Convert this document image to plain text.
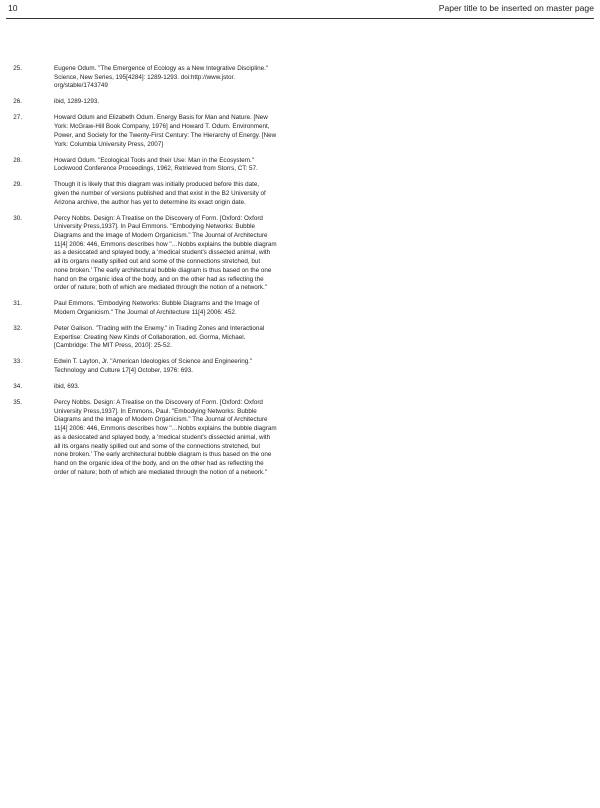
10	Paper title to be inserted on master page
25.	Eugene Odum. "The Emergence of Ecology as a New Integrative Discipline."
Science, New Series, 195[4284]: 1289-1293. doi:http://www.jstor.
org/stable/1743749
26.	ibid, 1289-1293.
27.	Howard Odum and Elizabeth Odum. Energy Basis for Man and Nature. [New
York: McGraw-Hill Book Company, 1976] and Howard T. Odum. Environment,
Power, and Society for the Twenty-First Century: The Hierarchy of Energy. [New
York: Columbia University Press, 2007]
28.	Howard Odum. "Ecological Tools and their Use: Man in the Ecosystem."
Lockwood Conference Proceedings, 1962, Retrieved from Storrs, CT: 57.
29.	Though it is likely that this diagram was initially produced before this date,
given the number of versions published and that exist in the B2 University of
Arizona archive, the author has yet to determine its exact origin date.
30.	Percy Nobbs. Design: A Treatise on the Discovery of Form. [Oxford: Oxford
University Press,1937]. In Paul Emmons. "Embodying Networks: Bubble
Diagrams and the Image of Modern Organicism." The Journal of Architecture
11[4] 2006: 446, Emmons describes how "…Nobbs explains the bubble diagram
as a desiccated and splayed body, a 'medical student's dissected animal, with
all its organs neatly spilled out and some of the connections stretched, but
none broken.' The early architectural bubble diagram is thus based on the one
hand on the organic idea of the body, and on the other had as reflecting the
order of nature; both of which are mediated through the notion of a network."
31.	Paul Emmons. "Embodying Networks: Bubble Diagrams and the Image of
Modern Organicism." The Journal of Architecture 11[4] 2006: 452.
32.	Peter Galison. "Trading with the Enemy." in Trading Zones and Interactional
Expertise: Creating New Kinds of Collaboration, ed. Gorma, Michael.
[Cambridge: The MIT Press, 2010]: 25-52.
33.	Edwin T. Layton, Jr. "American Ideologies of Science and Engineering."
Technology and Culture 17[4] October, 1976: 693.
34.	ibid, 693.
35.	Percy Nobbs. Design: A Treatise on the Discovery of Form. [Oxford: Oxford
University Press,1937]. In Emmons, Paul. "Embodying Networks: Bubble
Diagrams and the Image of Modern Organicism." The Journal of Architecture
11[4] 2006: 446, Emmons describes how "…Nobbs explains the bubble diagram
as a desiccated and splayed body, a 'medical student's dissected animal, with
all its organs neatly spilled out and some of the connections stretched, but
none broken.' The early architectural bubble diagram is thus based on the one
hand on the organic idea of the body, and on the other had as reflecting the
order of nature; both of which are mediated through the notion of a network."
